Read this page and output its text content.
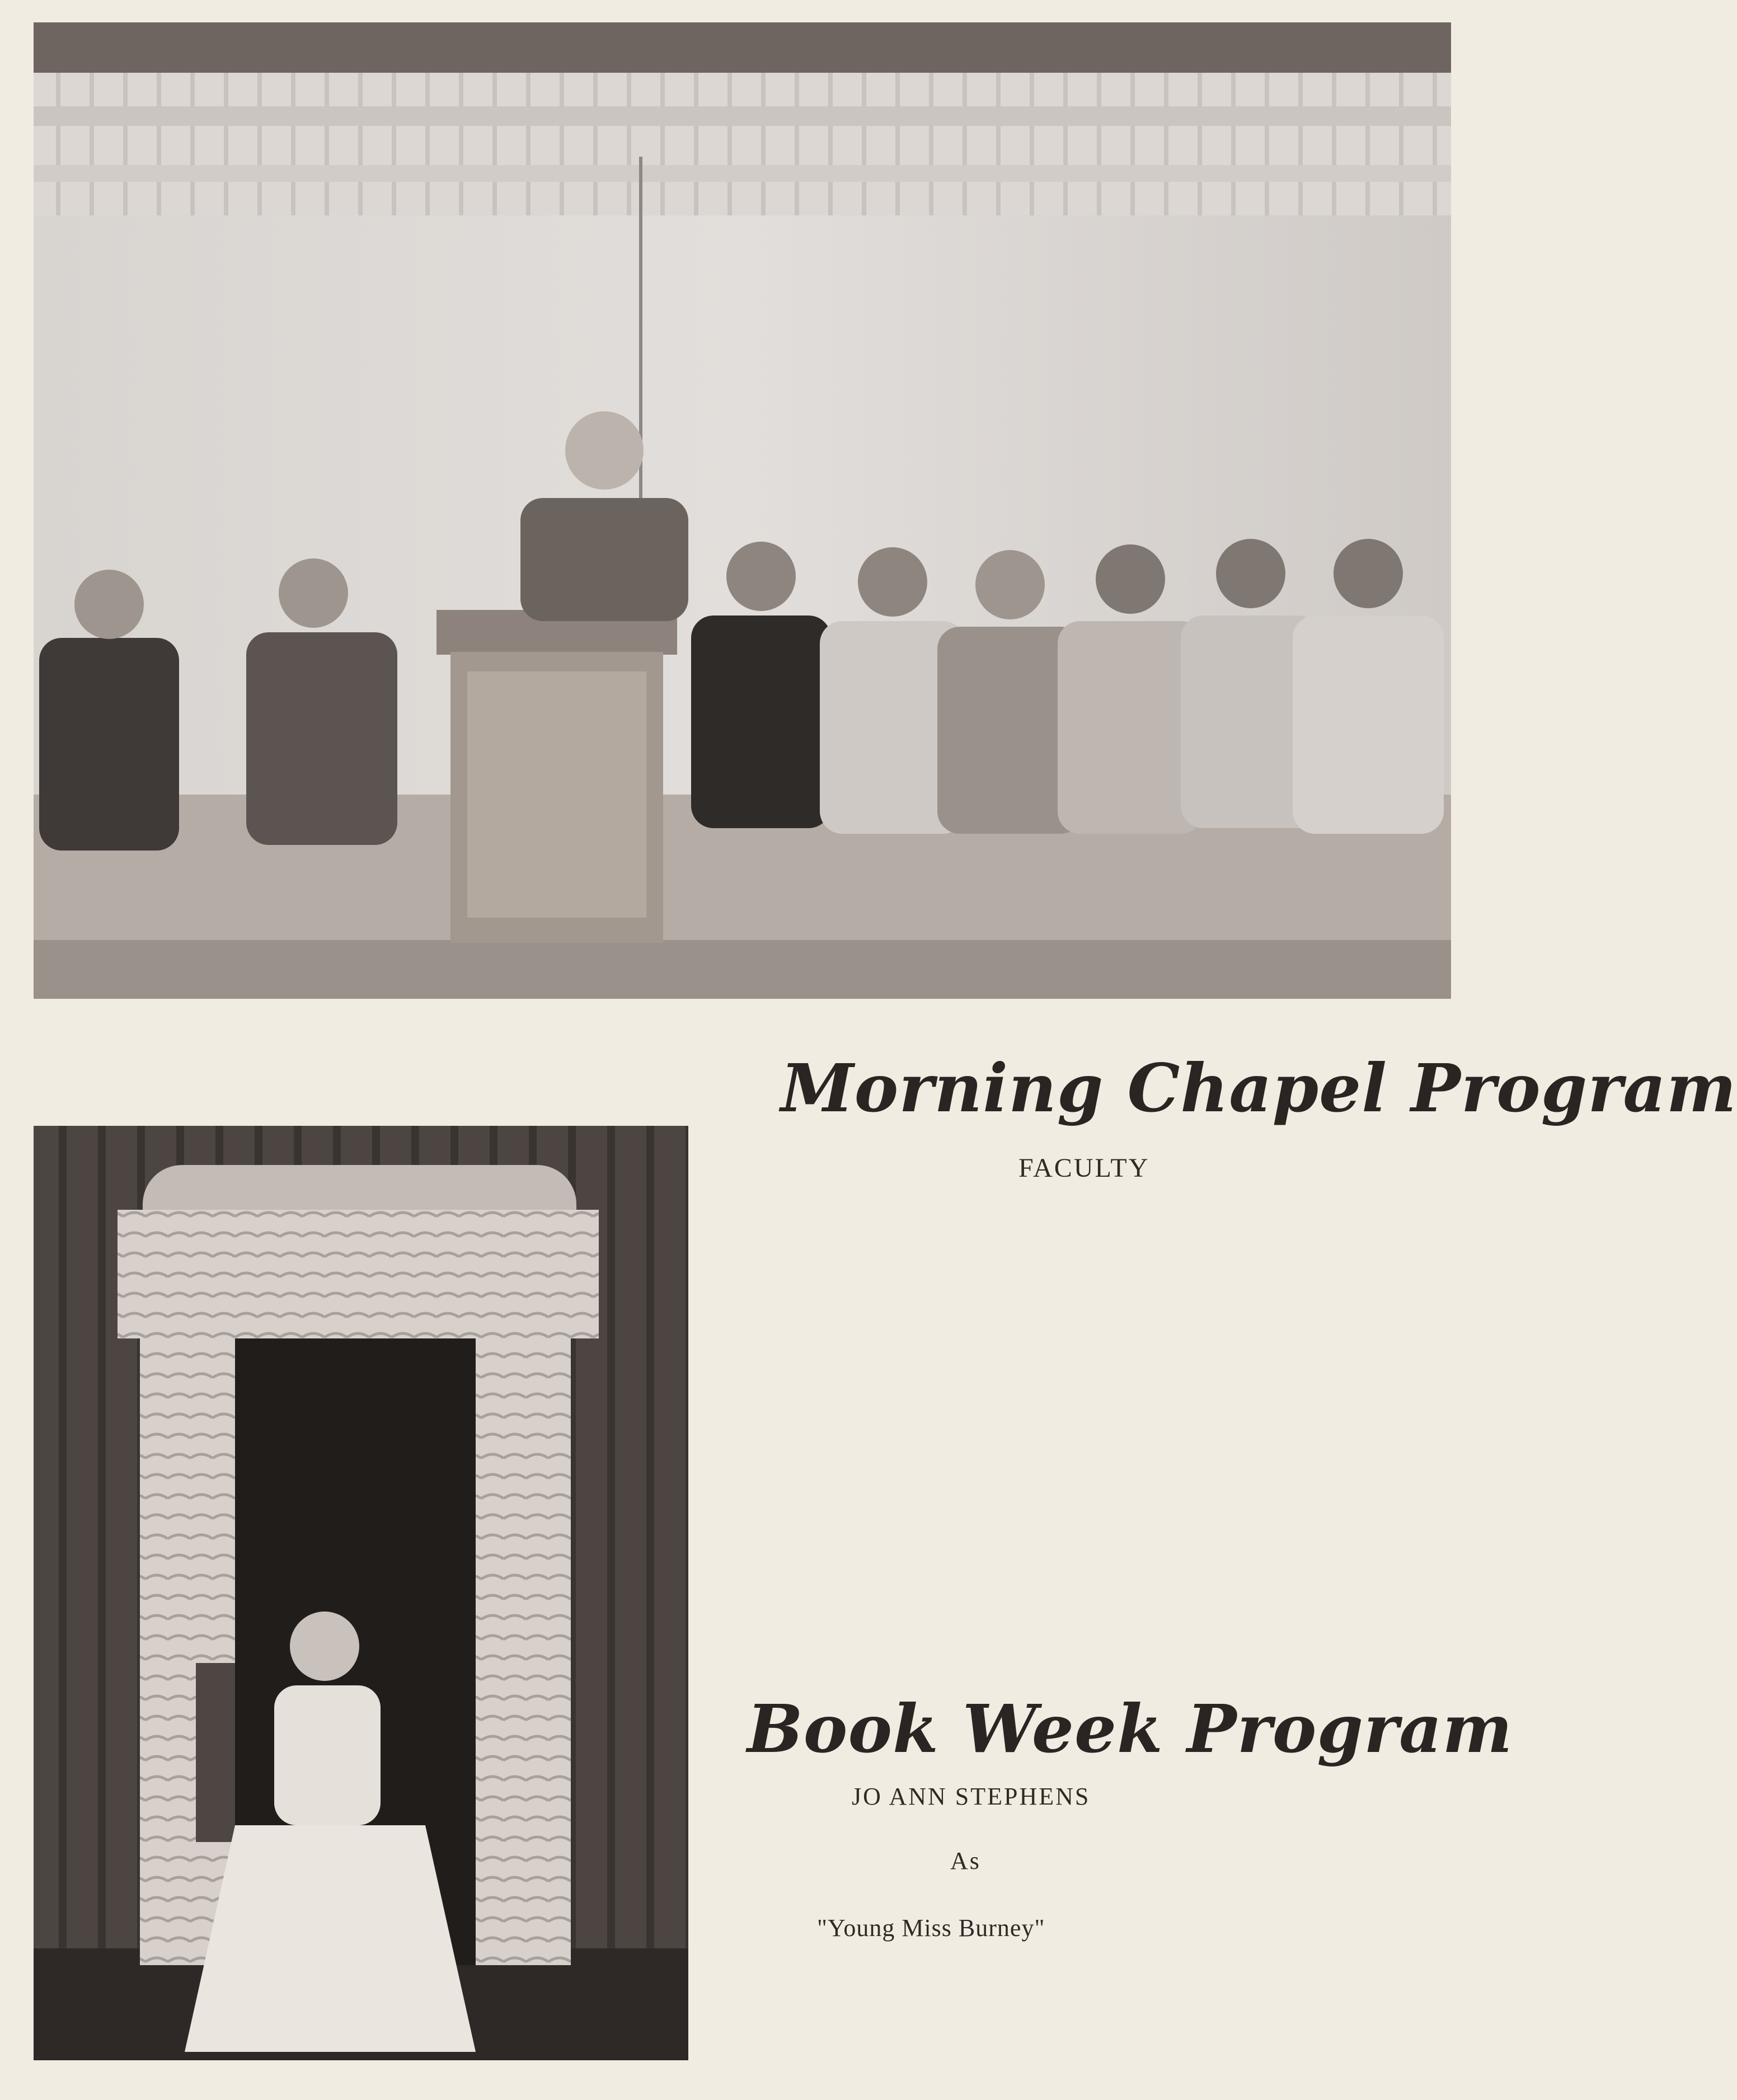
Morning Chapel Program
FACULTY
Book Week Program
JO ANN STEPHENS
As
"Young Miss Burney"
